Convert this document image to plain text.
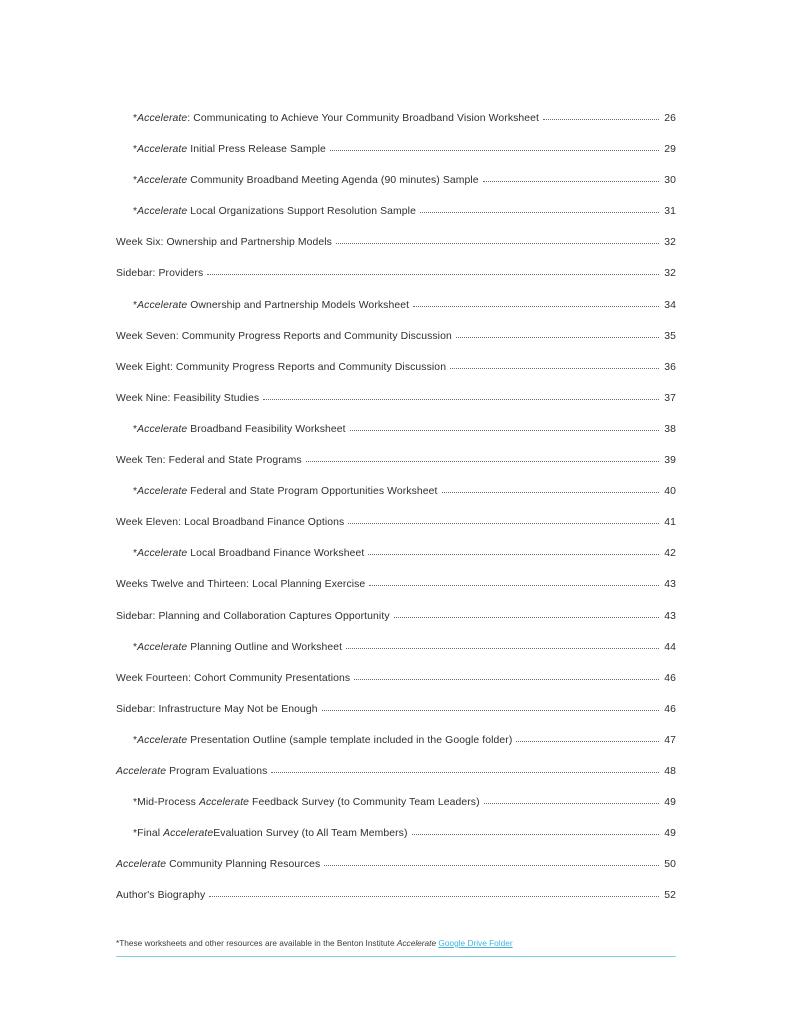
*Accelerate: Communicating to Achieve Your Community Broadband Vision Worksheet	26
*Accelerate Initial Press Release Sample	29
*Accelerate Community Broadband Meeting Agenda (90 minutes) Sample	30
*Accelerate Local Organizations Support Resolution Sample	31
Week Six: Ownership and Partnership Models	32
Sidebar: Providers	32
*Accelerate Ownership and Partnership Models Worksheet	34
Week Seven: Community Progress Reports and Community Discussion	35
Week Eight: Community Progress Reports and Community Discussion	36
Week Nine: Feasibility Studies	37
*Accelerate Broadband Feasibility Worksheet	38
Week Ten: Federal and State Programs	39
*Accelerate Federal and State Program Opportunities Worksheet	40
Week Eleven: Local Broadband Finance Options	41
*Accelerate Local Broadband Finance Worksheet	42
Weeks Twelve and Thirteen: Local Planning Exercise	43
Sidebar: Planning and Collaboration Captures Opportunity	43
*Accelerate Planning Outline and Worksheet	44
Week Fourteen: Cohort Community Presentations	46
Sidebar: Infrastructure May Not be Enough	46
*Accelerate Presentation Outline (sample template included in the Google folder)	47
Accelerate Program Evaluations	48
*Mid-Process Accelerate Feedback Survey (to Community Team Leaders)	49
*Final AccelerateEvaluation Survey (to All Team Members)	49
Accelerate Community Planning Resources	50
Author's Biography	52
*These worksheets and other resources are available in the Benton Institute Accelerate Google Drive Folder
